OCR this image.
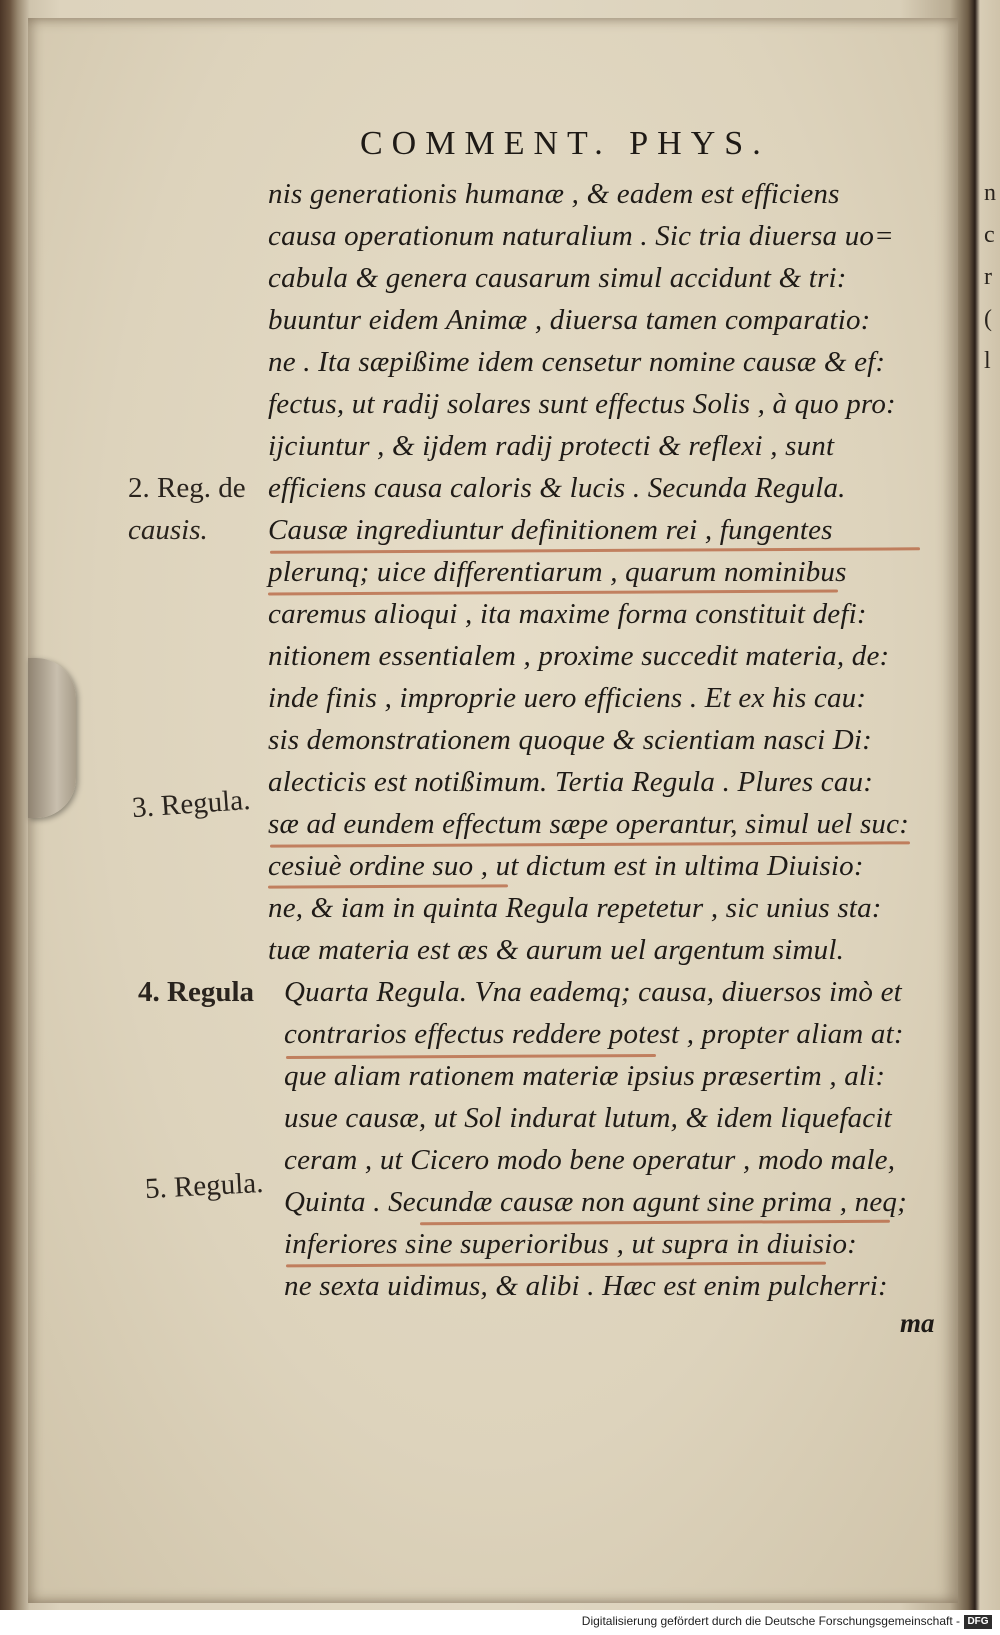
COMMENT. PHYS.
nis generationis humanæ , & eadem est efficiens
causa operationum naturalium . Sic tria diuersa uo=
cabula & genera causarum simul accidunt & tri:
buuntur eidem Animæ , diuersa tamen comparatio:
ne . Ita sæpißime idem censetur nomine causæ & ef:
fectus, ut radij solares sunt effectus Solis , à quo pro:
ijciuntur , & ijdem radij protecti & reflexi , sunt
efficiens causa caloris & lucis . Secunda Regula.
Causæ ingrediuntur definitionem rei , fungentes
plerunq; uice differentiarum , quarum nominibus
caremus alioqui , ita maxime forma constituit defi:
nitionem essentialem , proxime succedit materia, de:
inde finis , improprie uero efficiens . Et ex his cau:
sis demonstrationem quoque & scientiam nasci Di:
alecticis est notißimum. Tertia Regula . Plures cau:
sæ ad eundem effectum sæpe operantur, simul uel suc:
cesiuè ordine suo , ut dictum est in ultima Diuisio:
ne, & iam in quinta Regula repetetur , sic unius sta:
tuæ materia est æs & aurum uel argentum simul.
Quarta Regula. Vna eademq; causa, diuersos imò et
contrarios effectus reddere potest , propter aliam at:
que aliam rationem materiæ ipsius præsertim , ali:
usue causæ, ut Sol indurat lutum, & idem liquefacit
ceram , ut Cicero modo bene operatur , modo male,
Quinta . Secundæ causæ non agunt sine prima , neq;
inferiores sine superioribus , ut supra in diuisio:
ne sexta uidimus, & alibi . Hæc est enim pulcherri:
2. Reg. de
causis.
3. Regula.
4. Regula
5. Regula.
ma
n
c
r
(
l
Digitalisierung gefördert durch die Deutsche Forschungsgemeinschaft - DFG
